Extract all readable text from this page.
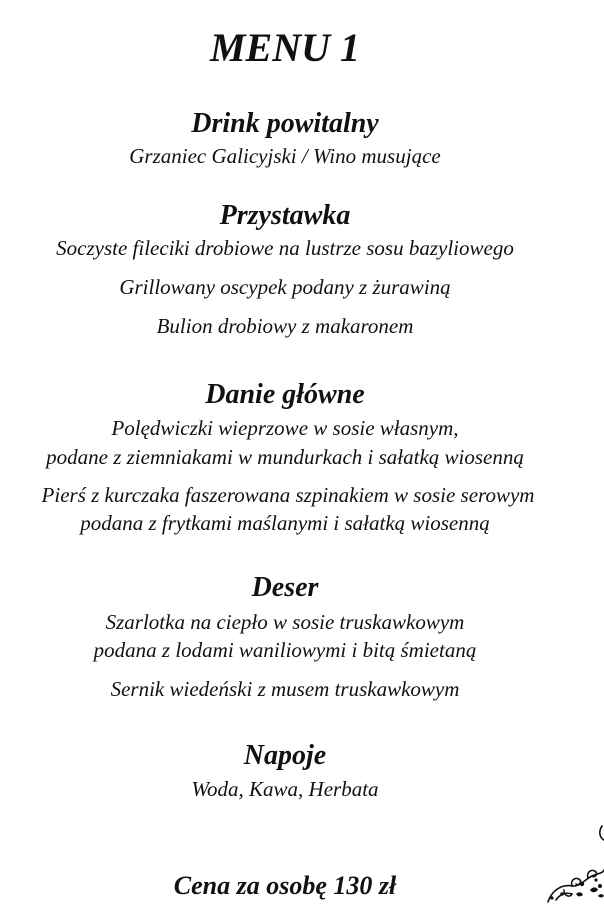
MENU 1
Drink powitalny
Grzaniec Galicyjski / Wino musujące
Przystawka
Soczyste fileciki drobiowe na lustrze sosu bazyliowego
Grillowany oscypek podany z żurawiną
Bulion drobiowy z makaronem
Danie główne
Polędwiczki wieprzowe w sosie własnym,
podane z ziemniakami w mundurkach i sałatką wiosenną
Pierś z kurczaka faszerowana szpinakiem w sosie serowym
podana z frytkami maślanymi i sałatką wiosenną
Deser
Szarlotka na ciepło w sosie truskawkowym
podana z lodami waniliowymi i bitą śmietaną
Sernik wiedeński z musem truskawkowym
Napoje
Woda, Kawa, Herbata
Cena za osobę 130 zł
